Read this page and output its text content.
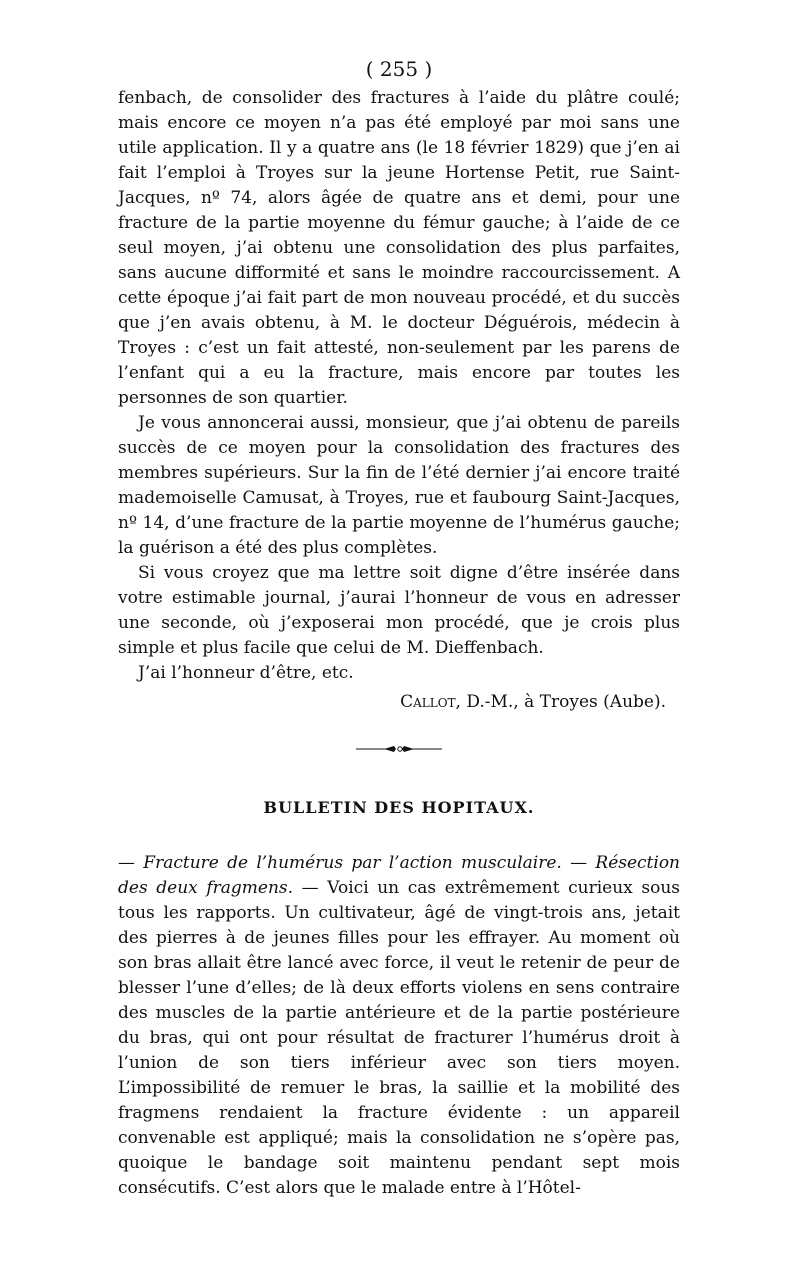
( 255 )

fenbach, de consolider des fractures à l’aide du plâtre coulé; mais encore ce moyen n’a pas été employé par moi sans une utile application. Il y a quatre ans (le 18 février 1829) que j’en ai fait l’emploi à Troyes sur la jeune Hortense Petit, rue Saint-Jacques, nº 74, alors âgée de quatre ans et demi, pour une fracture de la partie moyenne du fémur gauche; à l’aide de ce seul moyen, j’ai obtenu une consolidation des plus parfaites, sans aucune difformité et sans le moindre raccourcissement. A cette époque j’ai fait part de mon nouveau procédé, et du succès que j’en avais obtenu, à M. le docteur Déguérois, médecin à Troyes : c’est un fait attesté, non-seulement par les parens de l’enfant qui a eu la fracture, mais encore par toutes les personnes de son quartier.

Je vous annoncerai aussi, monsieur, que j’ai obtenu de pareils succès de ce moyen pour la consolidation des fractures des membres supérieurs. Sur la fin de l’été dernier j’ai encore traité mademoiselle Camusat, à Troyes, rue et faubourg Saint-Jacques, nº 14, d’une fracture de la partie moyenne de l’humérus gauche; la guérison a été des plus complètes.

Si vous croyez que ma lettre soit digne d’être insérée dans votre estimable journal, j’aurai l’honneur de vous en adresser une seconde, où j’exposerai mon procédé, que je crois plus simple et plus facile que celui de M. Dieffenbach.

J’ai l’honneur d’être, etc.

Callot, D.-M., à Troyes (Aube).
BULLETIN DES HOPITAUX.

— Fracture de l’humérus par l’action musculaire. — Résection des deux fragmens. — Voici un cas extrêmement curieux sous tous les rapports. Un cultivateur, âgé de vingt-trois ans, jetait des pierres à de jeunes filles pour les effrayer. Au moment où son bras allait être lancé avec force, il veut le retenir de peur de blesser l’une d’elles; de là deux efforts violens en sens contraire des muscles de la partie antérieure et de la partie postérieure du bras, qui ont pour résultat de fracturer l’humérus droit à l’union de son tiers inférieur avec son tiers moyen. L’impossibilité de remuer le bras, la saillie et la mobilité des fragmens rendaient la fracture évidente : un appareil convenable est appliqué; mais la consolidation ne s’opère pas, quoique le bandage soit maintenu pendant sept mois consécutifs. C’est alors que le malade entre à l’Hôtel-
